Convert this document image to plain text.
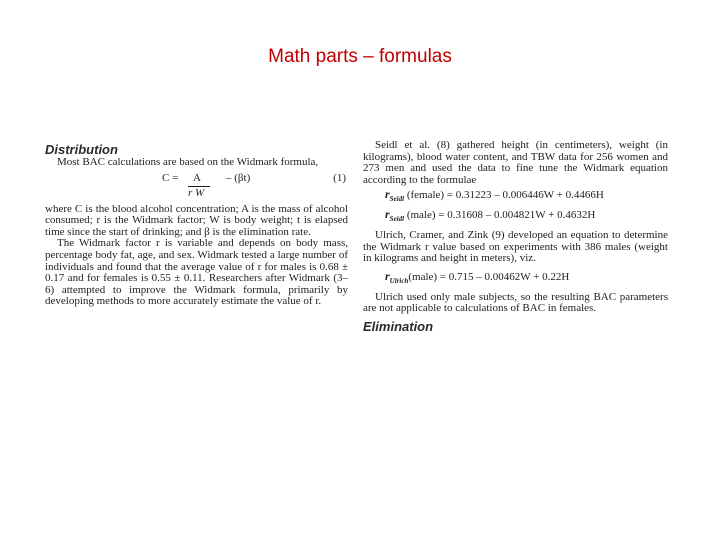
Math parts – formulas
Distribution

Most BAC calculations are based on the Widmark formula,

C = A
r W
– (βt)	(1)

where C is the blood alcohol concentration; A is the mass of alcohol consumed; r is the Widmark factor; W is body weight; t is elapsed time since the start of drinking; and β is the elimination rate.

The Widmark factor r is variable and depends on body mass, percentage body fat, age, and sex. Widmark tested a large number of individuals and found that the average value of r for males is 0.68 ± 0.17 and for females is 0.55 ± 0.11. Researchers after Widmark (3–6) attempted to improve the Widmark formula, primarily by developing methods to more accurately estimate the value of r.

Seidl et al. (8) gathered height (in centimeters), weight (in kilograms), blood water content, and TBW data for 256 women and 273 men and used the data to fine tune the Widmark equation according to the formulae

$r_{Seidl}$ (female) = 0.31223 – 0.006446W + 0.4466H
$r_{Seidl}$ (male) = 0.31608 – 0.004821W + 0.4632H

Ulrich, Cramer, and Zink (9) developed an equation to determine the Widmark r value based on experiments with 386 males (weight in kilograms and height in meters), viz.

$r_{Ulrich}(male) = 0.715 - 0.00462W + 0.22H$

Ulrich used only male subjects, so the resulting BAC parameters are not applicable to calculations of BAC in females.

Elimination
